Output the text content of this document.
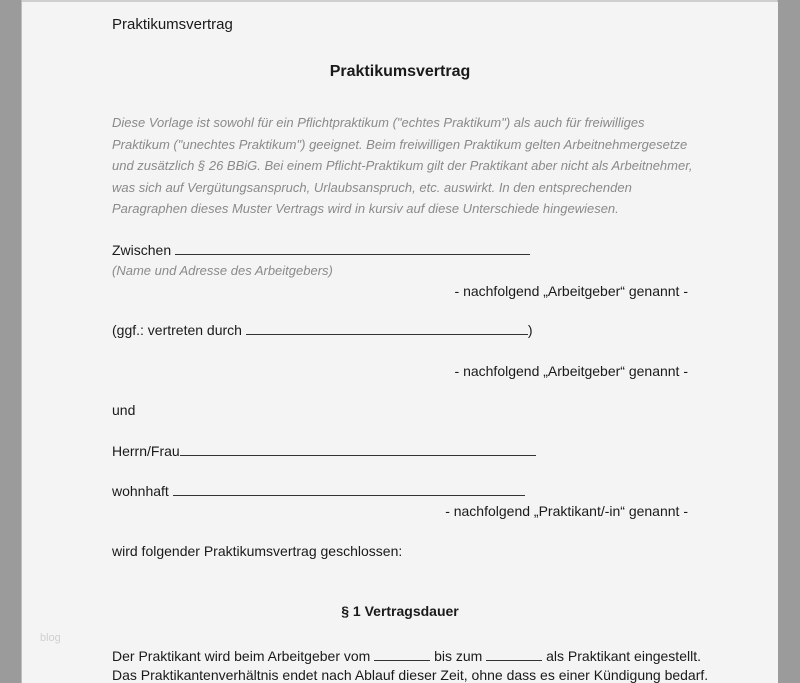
Praktikumsvertrag
Praktikumsvertrag
Diese Vorlage ist sowohl für ein Pflichtpraktikum ("echtes Praktikum") als auch für freiwilliges
Praktikum ("unechtes Praktikum") geeignet. Beim freiwilligen Praktikum gelten Arbeitnehmergesetze
und zusätzlich § 26 BBiG. Bei einem Pflicht-Praktikum gilt der Praktikant aber nicht als Arbeitnehmer,
was sich auf Vergütungsanspruch, Urlaubsanspruch, etc. auswirkt. In den entsprechenden
Paragraphen dieses Muster Vertrags wird in kursiv auf diese Unterschiede hingewiesen.
Zwischen
(Name und Adresse des Arbeitgebers)
- nachfolgend „Arbeitgeber“ genannt -
(ggf.: vertreten durch	)
- nachfolgend „Arbeitgeber“ genannt -
und
Herrn/Frau
wohnhaft
- nachfolgend „Praktikant/-in“ genannt -
wird folgender Praktikumsvertrag geschlossen:
§ 1 Vertragsdauer
Der Praktikant wird beim Arbeitgeber vom	bis zum	als Praktikant eingestellt.
Das Praktikantenverhältnis endet nach Ablauf dieser Zeit, ohne dass es einer Kündigung bedarf.
blog
